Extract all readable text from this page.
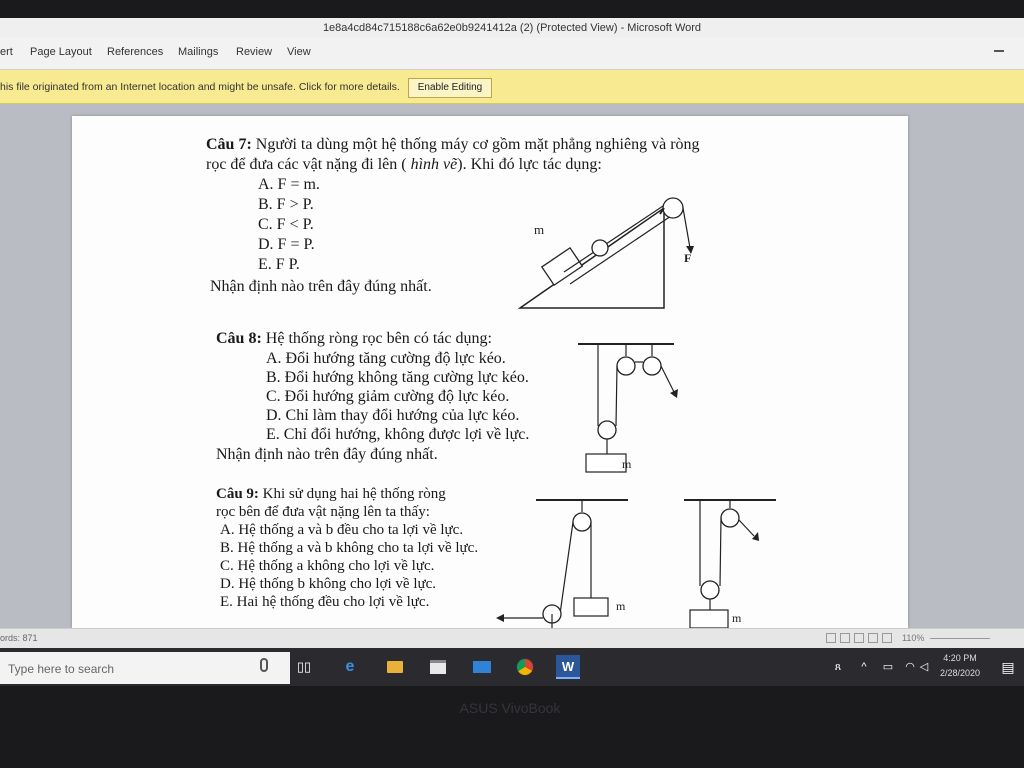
1e8a4cd84c715188c6a62e0b9241412a (2) (Protected View) - Microsoft Word
ert Page Layout References Mailings Review View
his file originated from an Internet location and might be unsafe. Click for more details.	Enable Editing
Câu 7: Người ta dùng một hệ thống máy cơ gồm mặt phẳng nghiêng và ròng
rọc để đưa các vật nặng đi lên ( hình vẽ). Khi đó lực tác dụng:
A. F = m.
B. F > P.
C. F < P.
D. F = P.
E. F P.
Nhận định nào trên đây đúng nhất.
m
F
Câu 8: Hệ thống ròng rọc bên có tác dụng:
A. Đổi hướng tăng cường độ lực kéo.
B. Đổi hướng không tăng cường lực kéo.
C. Đổi hướng giảm cường độ lực kéo.
D. Chỉ làm thay đổi hướng của lực kéo.
E. Chỉ đổi hướng, không được lợi về lực.
Nhận định nào trên đây đúng nhất.
m
Câu 9: Khi sử dụng hai hệ thống ròng
rọc bên để đưa vật nặng lên ta thấy:
A. Hệ thống a và b đều cho ta lợi về lực.
B. Hệ thống a và b không cho ta lợi về lực.
C. Hệ thống a không cho lợi về lực.
D. Hệ thống b không cho lợi về lực.
E. Hai hệ thống đều cho lợi về lực.	m
m
ords: 871	110%
Type here to search	▯▯	e	W	ጸ	^	▭	◠ ◁
4:20 PM
2/28/2020	▤
ASUS VivoBook
